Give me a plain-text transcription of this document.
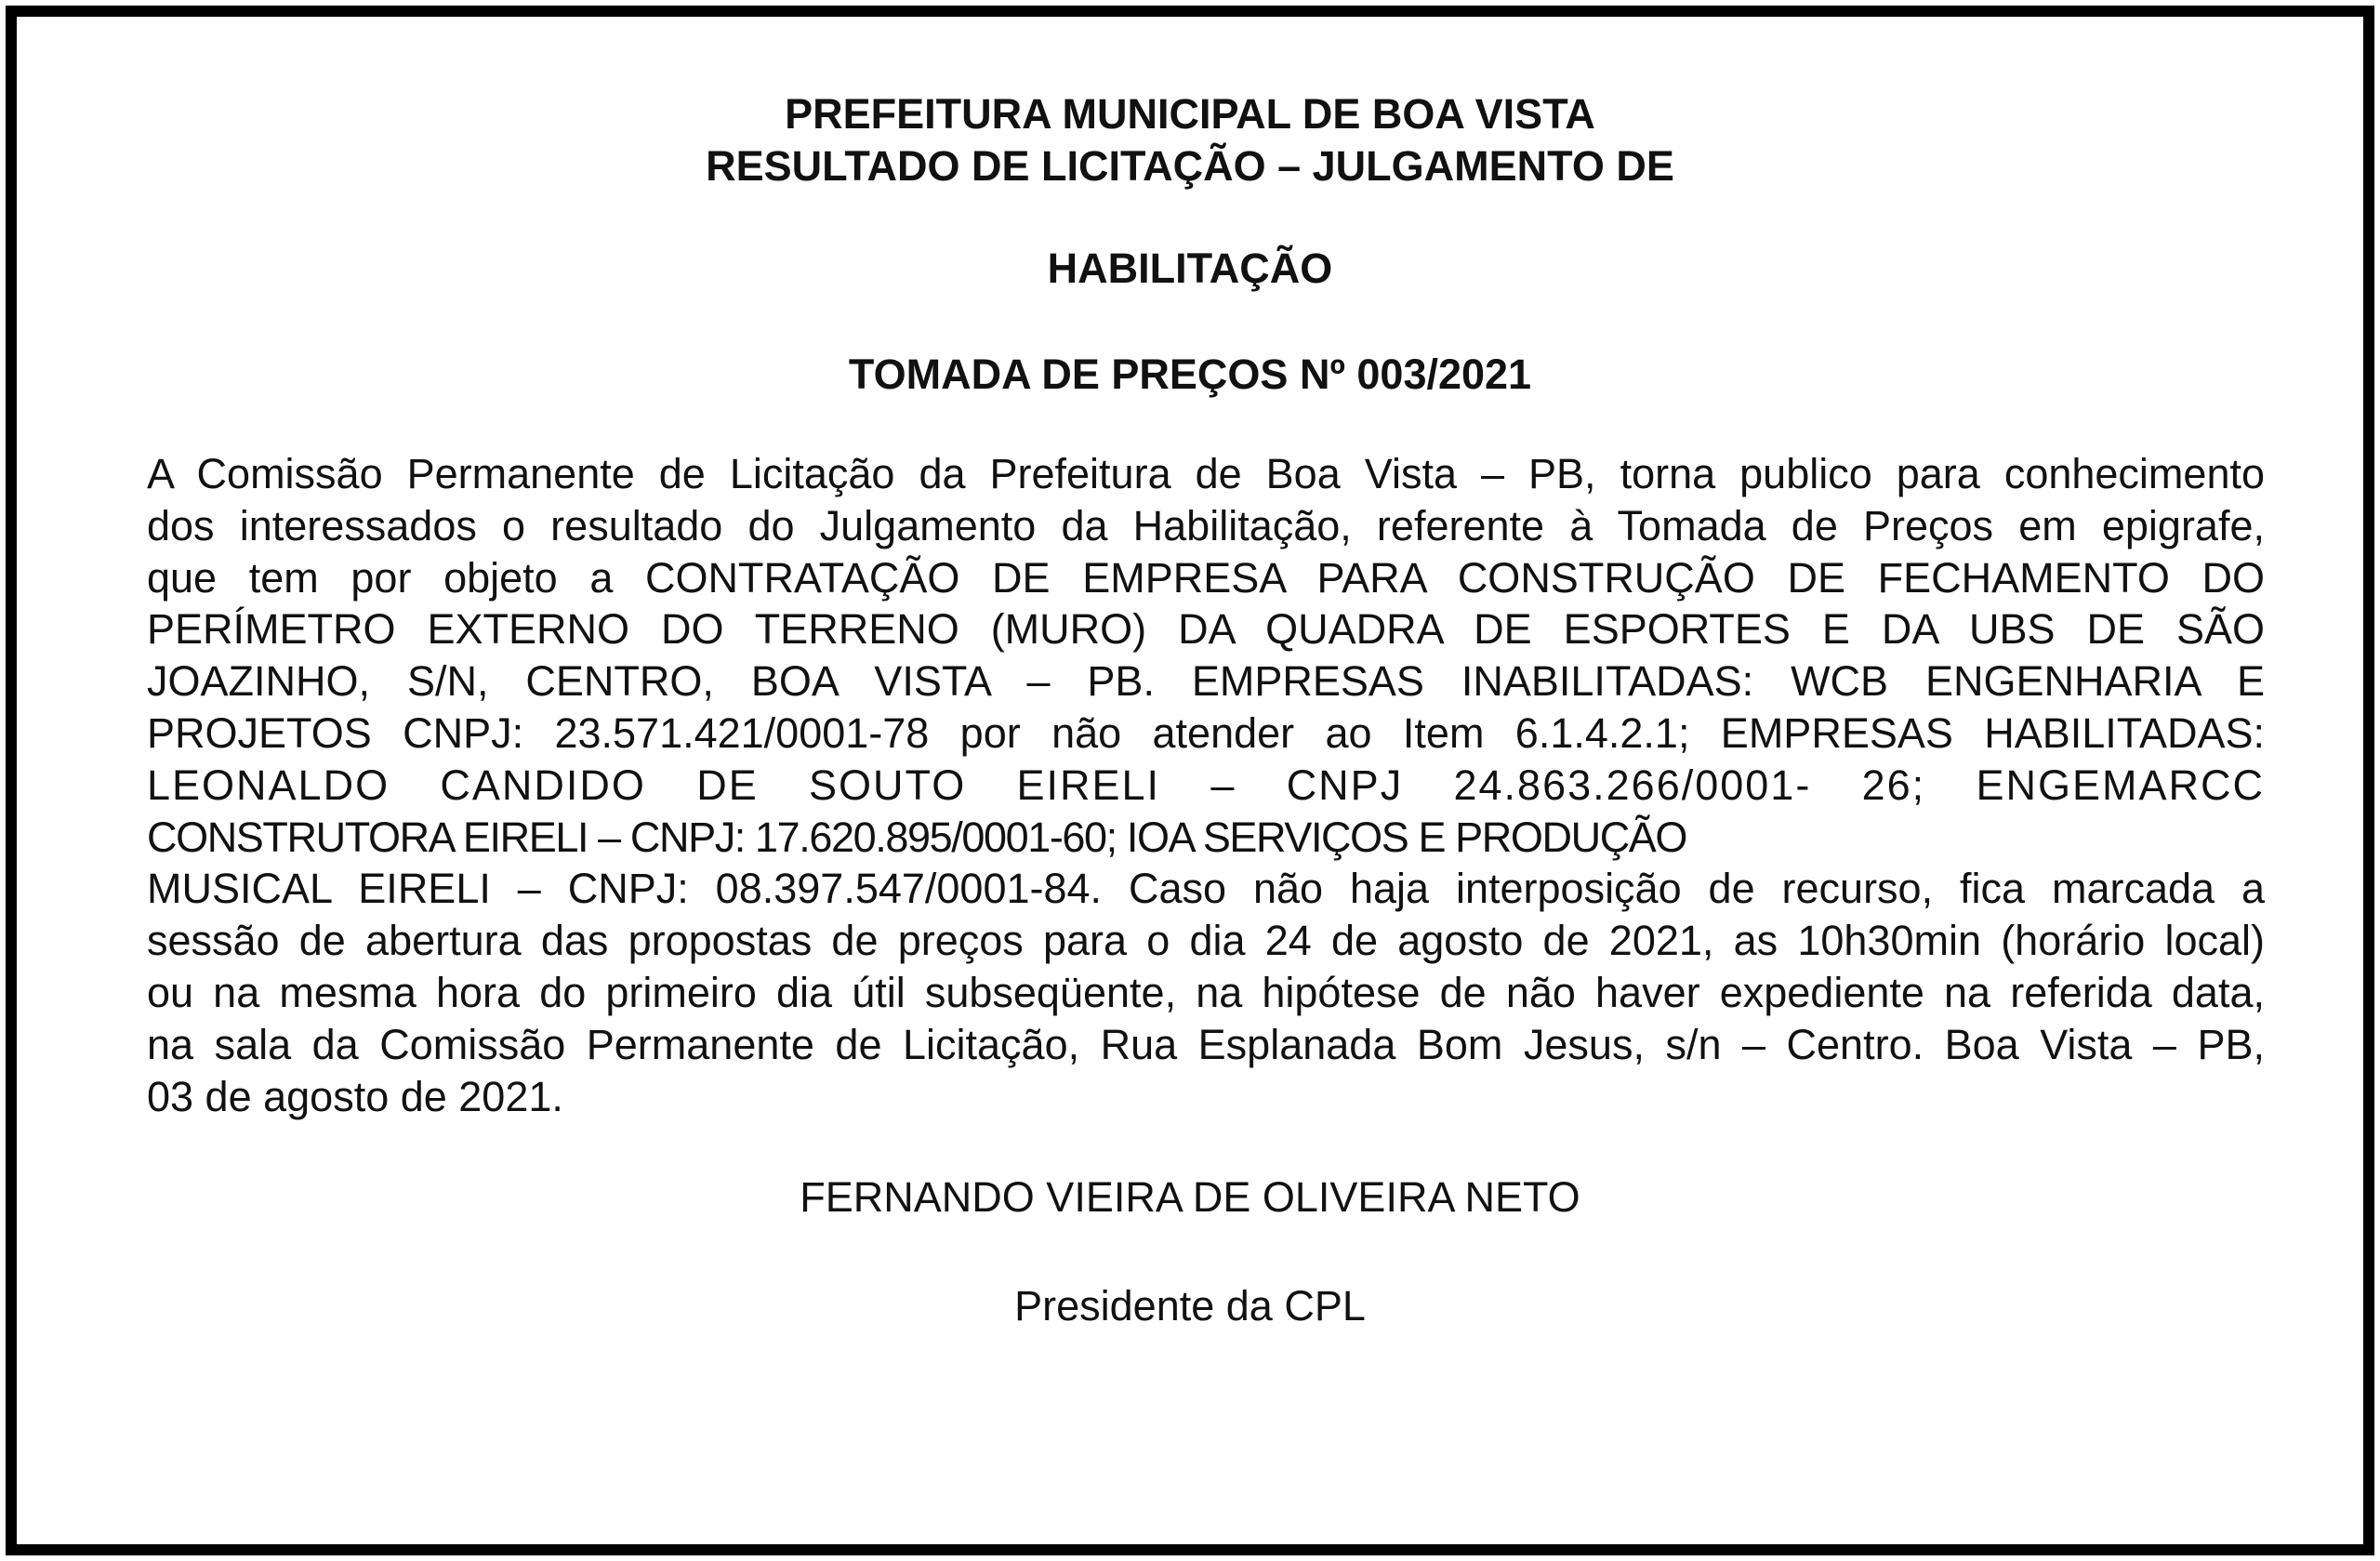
PREFEITURA MUNICIPAL DE BOA VISTA
RESULTADO DE LICITAÇÃO – JULGAMENTO DE
HABILITAÇÃO
TOMADA DE PREÇOS Nº 003/2021
A Comissão Permanente de Licitação da Prefeitura de Boa Vista – PB, torna publico para conhecimento
dos interessados o resultado do Julgamento da Habilitação, referente à Tomada de Preços em epigrafe,
que tem por objeto a CONTRATAÇÃO DE EMPRESA PARA CONSTRUÇÃO DE FECHAMENTO DO
PERÍMETRO EXTERNO DO TERRENO (MURO) DA QUADRA DE ESPORTES E DA UBS DE SÃO
JOAZINHO, S/N, CENTRO, BOA VISTA – PB. EMPRESAS INABILITADAS: WCB ENGENHARIA E
PROJETOS CNPJ: 23.571.421/0001-78 por não atender ao Item 6.1.4.2.1; EMPRESAS HABILITADAS:
LEONALDO CANDIDO DE SOUTO EIRELI – CNPJ 24.863.266/0001- 26; ENGEMARCC
CONSTRUTORA EIRELI – CNPJ: 17.620.895/0001-60; IOA SERVIÇOS E PRODUÇÃO
MUSICAL EIRELI – CNPJ: 08.397.547/0001-84. Caso não haja interposição de recurso, fica marcada a
sessão de abertura das propostas de preços para o dia 24 de agosto de 2021, as 10h30min (horário local)
ou na mesma hora do primeiro dia útil subseqüente, na hipótese de não haver expediente na referida data,
na sala da Comissão Permanente de Licitação, Rua Esplanada Bom Jesus, s/n – Centro. Boa Vista – PB,
03 de agosto de 2021.
FERNANDO VIEIRA DE OLIVEIRA NETO
Presidente da CPL
